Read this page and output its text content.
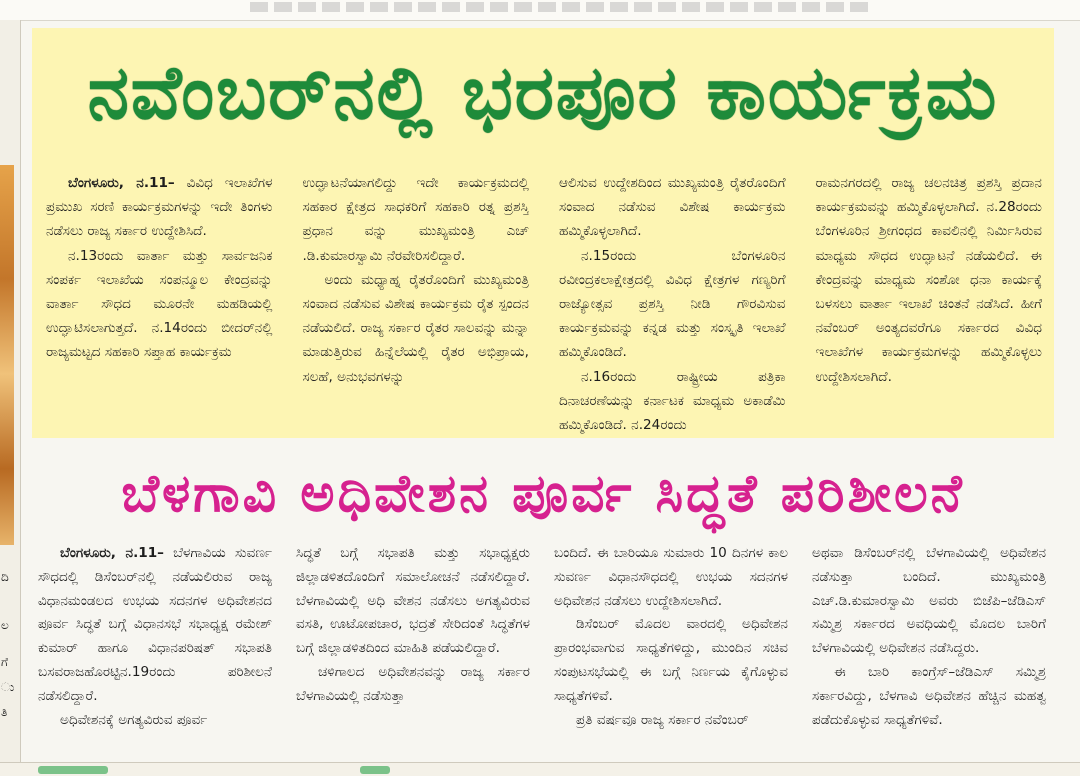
ದಿ
ಲ
ಗೆ
ು
ತಿ
ನವೆಂಬರ್‌ನಲ್ಲಿ ಭರಪೂರ ಕಾರ್ಯಕ್ರಮ

ಬೆಂಗಳೂರು, ನ.11– ವಿವಿಧ ಇಲಾಖೆಗಳ ಪ್ರಮುಖ ಸರಣಿ ಕಾರ್ಯಕ್ರಮಗಳನ್ನು ಇದೇ ತಿಂಗಳು ನಡೆಸಲು ರಾಜ್ಯ ಸರ್ಕಾರ ಉದ್ದೇಶಿಸಿದೆ.

ನ.13ರಂದು ವಾರ್ತಾ ಮತ್ತು ಸಾರ್ವಜನಿಕ ಸಂಪರ್ಕ ಇಲಾಖೆಯ ಸಂಪನ್ಮೂಲ ಕೇಂದ್ರವನ್ನು ವಾರ್ತಾ ಸೌಧದ ಮೂರನೇ ಮಹಡಿಯಲ್ಲಿ ಉದ್ಘಾಟಿಸಲಾಗುತ್ತದೆ. ನ.14ರಂದು ಬೀದರ್‌ನಲ್ಲಿ ರಾಜ್ಯಮಟ್ಟದ ಸಹಕಾರಿ ಸಪ್ತಾಹ ಕಾರ್ಯಕ್ರಮ

ಉದ್ಘಾಟನೆಯಾಗಲಿದ್ದು ಇದೇ ಕಾರ್ಯಕ್ರಮದಲ್ಲಿ ಸಹಕಾರ ಕ್ಷೇತ್ರದ ಸಾಧಕರಿಗೆ ಸಹಕಾರಿ ರತ್ನ ಪ್ರಶಸ್ತಿ ಪ್ರಧಾನ ವನ್ನು ಮುಖ್ಯಮಂತ್ರಿ ಎಚ್ .ಡಿ.ಕುಮಾರಸ್ವಾಮಿ ನೆರವೇರಿಸಲಿದ್ದಾರೆ.

ಅಂದು ಮಧ್ಯಾಹ್ನ ರೈತರೊಂದಿಗೆ ಮುಖ್ಯಮಂತ್ರಿ ಸಂವಾದ ನಡೆಸುವ ವಿಶೇಷ ಕಾರ್ಯಕ್ರಮ ರೈತ ಸ್ಪಂದನ ನಡೆಯಲಿದೆ. ರಾಜ್ಯ ಸರ್ಕಾರ ರೈತರ ಸಾಲವನ್ನು ಮನ್ನಾ ಮಾಡುತ್ತಿರುವ ಹಿನ್ನೆಲೆಯಲ್ಲಿ ರೈತರ ಅಭಿಪ್ರಾಯ, ಸಲಹೆ, ಅನುಭವಗಳನ್ನು

ಆಲಿಸುವ ಉದ್ದೇಶದಿಂದ ಮುಖ್ಯಮಂತ್ರಿ ರೈತರೊಂದಿಗೆ ಸಂವಾದ ನಡೆಸುವ ವಿಶೇಷ ಕಾರ್ಯಕ್ರಮ ಹಮ್ಮಿಕೊಳ್ಳಲಾಗಿದೆ.

ನ.15ರಂದು ಬೆಂಗಳೂರಿನ ರವೀಂದ್ರಕಲಾಕ್ಷೇತ್ರದಲ್ಲಿ ವಿವಿಧ ಕ್ಷೇತ್ರಗಳ ಗಣ್ಯರಿಗೆ ರಾಜ್ಯೋತ್ಸವ ಪ್ರಶಸ್ತಿ ನೀಡಿ ಗೌರವಿಸುವ ಕಾರ್ಯಕ್ರಮವನ್ನು ಕನ್ನಡ ಮತ್ತು ಸಂಸ್ಕೃತಿ ಇಲಾಖೆ ಹಮ್ಮಿಕೊಂಡಿದೆ.

ನ.16ರಂದು ರಾಷ್ಟ್ರೀಯ ಪತ್ರಿಕಾ ದಿನಾಚರಣೆಯನ್ನು ಕರ್ನಾಟಕ ಮಾಧ್ಯಮ ಅಕಾಡೆಮಿ ಹಮ್ಮಿಕೊಂಡಿದೆ. ನ.24ರಂದು

ರಾಮನಗರದಲ್ಲಿ ರಾಜ್ಯ ಚಲನಚಿತ್ರ ಪ್ರಶಸ್ತಿ ಪ್ರದಾನ ಕಾರ್ಯಕ್ರಮವನ್ನು ಹಮ್ಮಿಕೊಳ್ಳಲಾಗಿದೆ. ನ.28ರಂದು ಬೆಂಗಳೂರಿನ ಶ್ರೀಗಂಧದ ಕಾವಲಿನಲ್ಲಿ ನಿರ್ಮಿಸಿರುವ ಮಾಧ್ಯಮ ಸೌಧದ ಉದ್ಘಾಟನೆ ನಡೆಯಲಿದೆ. ಈ ಕೇಂದ್ರವನ್ನು ಮಾಧ್ಯಮ ಸಂಶೋ ಧನಾ ಕಾರ್ಯಕ್ಕೆ ಬಳಸಲು ವಾರ್ತಾ ಇಲಾಖೆ ಚಿಂತನೆ ನಡೆಸಿದೆ. ಹೀಗೆ ನವೆಂಬರ್ ಅಂತ್ಯದವರೆಗೂ ಸರ್ಕಾರದ ವಿವಿಧ ಇಲಾಖೆಗಳ ಕಾರ್ಯಕ್ರಮಗಳನ್ನು ಹಮ್ಮಿಕೊಳ್ಳಲು ಉದ್ದೇಶಿಸಲಾಗಿದೆ.

ಬೆಳಗಾವಿ ಅಧಿವೇಶನ ಪೂರ್ವ ಸಿದ್ಧತೆ ಪರಿಶೀಲನೆ

ಬೆಂಗಳೂರು, ನ.11– ಬೆಳಗಾವಿಯ ಸುವರ್ಣ ಸೌಧದಲ್ಲಿ ಡಿಸೆಂಬರ್‌ನಲ್ಲಿ ನಡೆಯಲಿರುವ ರಾಜ್ಯ ವಿಧಾನಮಂಡಲದ ಉಭಯ ಸದನಗಳ ಅಧಿವೇಶನದ ಪೂರ್ವ ಸಿದ್ಧತೆ ಬಗ್ಗೆ ವಿಧಾನಸಭೆ ಸಭಾಧ್ಯಕ್ಷ ರಮೇಶ್ ಕುಮಾರ್ ಹಾಗೂ ವಿಧಾನಪರಿಷತ್ ಸಭಾಪತಿ ಬಸವರಾಜಹೊರಟ್ಟಿನ.19ರಂದು ಪರಿಶೀಲನೆ ನಡೆಸಲಿದ್ದಾರೆ.

ಅಧಿವೇಶನಕ್ಕೆ ಅಗತ್ಯವಿರುವ ಪೂರ್ವ

ಸಿದ್ಧತೆ ಬಗ್ಗೆ ಸಭಾಪತಿ ಮತ್ತು ಸಭಾಧ್ಯಕ್ಷರು ಜಿಲ್ಲಾಡಳಿತದೊಂದಿಗೆ ಸಮಾಲೋಚನೆ ನಡೆಸಲಿದ್ದಾರೆ. ಬೆಳಗಾವಿಯಲ್ಲಿ ಅಧಿ ವೇಶನ ನಡೆಸಲು ಅಗತ್ಯವಿರುವ ವಸತಿ, ಊಟೋಪಚಾರ, ಭದ್ರತೆ ಸೇರಿದಂತೆ ಸಿದ್ಧತೆಗಳ ಬಗ್ಗೆ ಜಿಲ್ಲಾಡಳಿತದಿಂದ ಮಾಹಿತಿ ಪಡೆಯಲಿದ್ದಾರೆ.

ಚಳಿಗಾಲದ ಅಧಿವೇಶನವನ್ನು ರಾಜ್ಯ ಸರ್ಕಾರ ಬೆಳಗಾವಿಯಲ್ಲಿ ನಡೆಸುತ್ತಾ

ಬಂದಿದೆ. ಈ ಬಾರಿಯೂ ಸುಮಾರು 10 ದಿನಗಳ ಕಾಲ ಸುವರ್ಣ ವಿಧಾನಸೌಧದಲ್ಲಿ ಉಭಯ ಸದನಗಳ ಅಧಿವೇಶನ ನಡೆಸಲು ಉದ್ದೇಶಿಸಲಾಗಿದೆ.

ಡಿಸೆಂಬರ್ ಮೊದಲ ವಾರದಲ್ಲಿ ಅಧಿವೇಶನ ಪ್ರಾರಂಭವಾಗುವ ಸಾಧ್ಯತೆಗಳಿದ್ದು, ಮುಂದಿನ ಸಚಿವ ಸಂಪುಟಸಭೆಯಲ್ಲಿ ಈ ಬಗ್ಗೆ ನಿರ್ಣಯ ಕೈಗೊಳ್ಳುವ ಸಾಧ್ಯತೆಗಳಿವೆ.

ಪ್ರತಿ ವರ್ಷವೂ ರಾಜ್ಯ ಸರ್ಕಾರ ನವೆಂಬರ್

ಅಥವಾ ಡಿಸೆಂಬರ್‌ನಲ್ಲಿ ಬೆಳಗಾವಿಯಲ್ಲಿ ಅಧಿವೇಶನ ನಡೆಸುತ್ತಾ ಬಂದಿದೆ. ಮುಖ್ಯಮಂತ್ರಿ ಎಚ್.ಡಿ.ಕುಮಾರಸ್ವಾಮಿ ಅವರು ಬಿಜೆಪಿ–ಜೆಡಿಎಸ್ ಸಮ್ಮಿಶ್ರ ಸರ್ಕಾರದ ಅವಧಿಯಲ್ಲಿ ಮೊದಲ ಬಾರಿಗೆ ಬೆಳಗಾವಿಯಲ್ಲಿ ಅಧಿವೇಶನ ನಡೆಸಿದ್ದರು.

ಈ ಬಾರಿ ಕಾಂಗ್ರೆಸ್–ಜೆಡಿಎಸ್ ಸಮ್ಮಿಶ್ರ ಸರ್ಕಾರವಿದ್ದು, ಬೆಳಗಾವಿ ಅಧಿವೇಶನ ಹೆಚ್ಚಿನ ಮಹತ್ವ ಪಡೆದುಕೊಳ್ಳುವ ಸಾಧ್ಯತೆಗಳಿವೆ.
